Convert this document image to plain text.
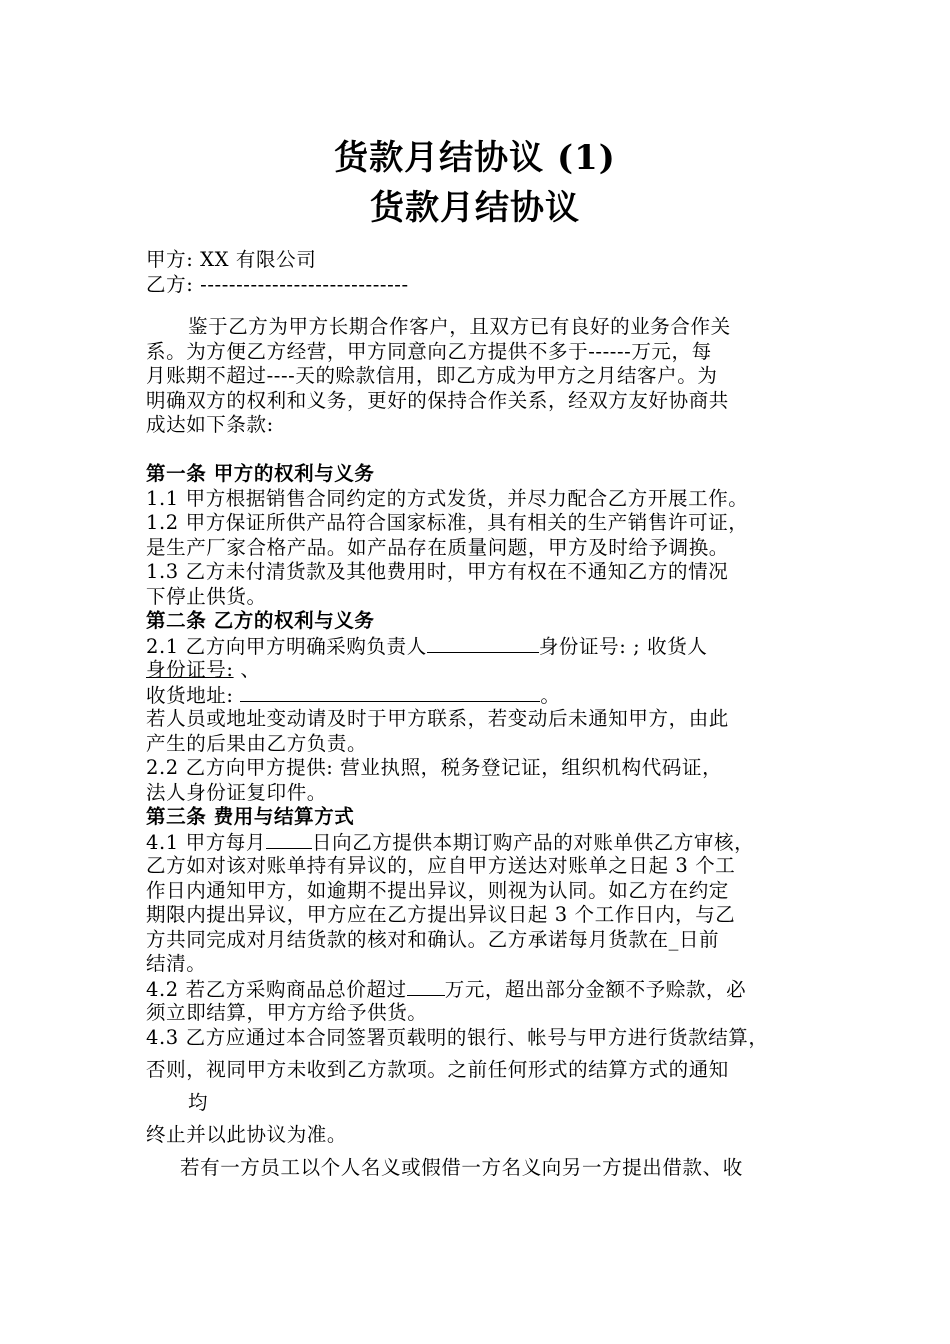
货款月结协议 (1)
货款月结协议
甲方: XX 有限公司
乙方: -----------------------------
鉴于乙方为甲方长期合作客户，且双方已有良好的业务合作关
系。为方便乙方经营，甲方同意向乙方提供不多于------万元，每
月账期不超过----天的赊款信用，即乙方成为甲方之月结客户。为
明确双方的权利和义务，更好的保持合作关系，经双方友好协商共
成达如下条款:
第一条 甲方的权利与义务
1.1 甲方根据销售合同约定的方式发货，并尽力配合乙方开展工作。
1.2 甲方保证所供产品符合国家标准，具有相关的生产销售许可证，
是生产厂家合格产品。如产品存在质量问题，甲方及时给予调换。
1.3 乙方未付清货款及其他费用时，甲方有权在不通知乙方的情况
下停止供货。
第二条 乙方的权利与义务
2.1 乙方向甲方明确采购负责人	身份证号: ; 收货人
身份证号: 、
收货地址:	。
若人员或地址变动请及时于甲方联系，若变动后未通知甲方，由此
产生的后果由乙方负责。
2.2 乙方向甲方提供: 营业执照，税务登记证，组织机构代码证，
法人身份证复印件。
第三条 费用与结算方式
4.1 甲方每月 日向乙方提供本期订购产品的对账单供乙方审核，
乙方如对该对账单持有异议的，应自甲方送达对账单之日起 3 个工
作日内通知甲方，如逾期不提出异议，则视为认同。如乙方在约定
期限内提出异议，甲方应在乙方提出异议日起 3 个工作日内，与乙
方共同完成对月结货款的核对和确认。乙方承诺每月货款在_日前
结清。
4.2 若乙方采购商品总价超过 万元，超出部分金额不予赊款，必
须立即结算，甲方方给予供货。
4.3 乙方应通过本合同签署页载明的银行、帐号与甲方进行货款结算，
否则，视同甲方未收到乙方款项。之前任何形式的结算方式的通知
均
终止并以此协议为准。
若有一方员工以个人名义或假借一方名义向另一方提出借款、收
